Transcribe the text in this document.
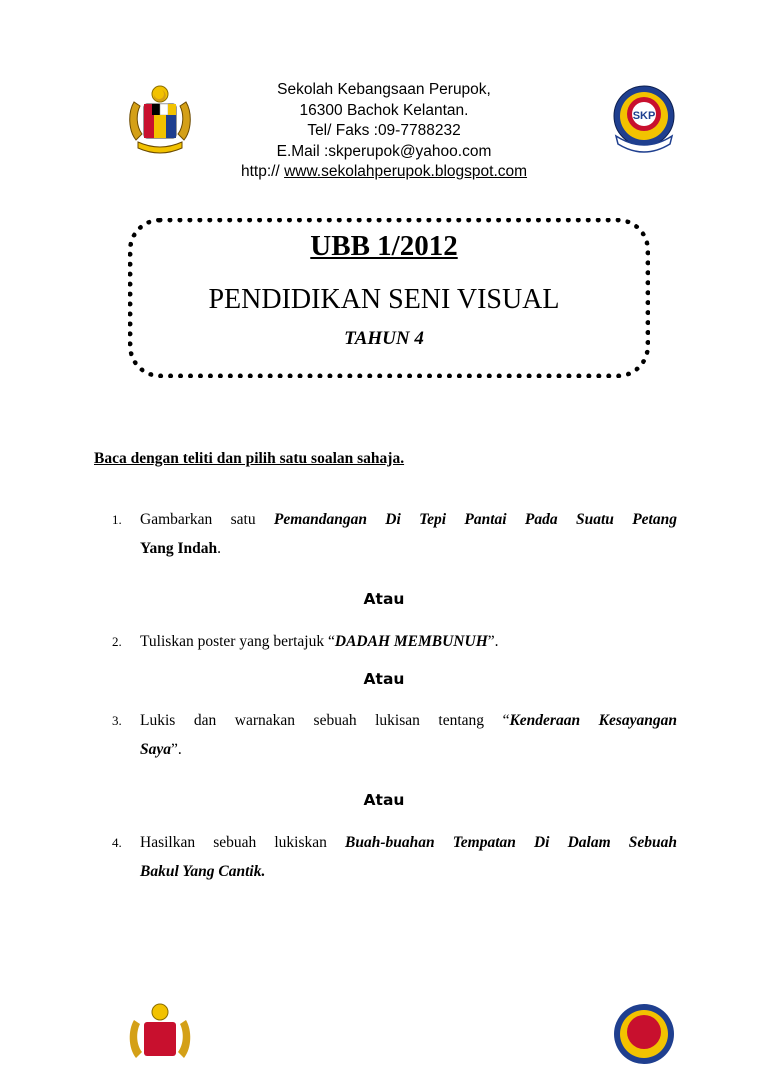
Sekolah Kebangsaan Perupok,
16300 Bachok Kelantan.
Tel/ Faks :09-7788232
E.Mail :skperupok@yahoo.com
http:// www.sekolahperupok.blogspot.com
SKP
UBB 1/2012
PENDIDIKAN SENI VISUAL
TAHUN 4
Baca dengan teliti dan pilih satu soalan sahaja.
1. Gambarkan satu Pemandangan Di Tepi Pantai Pada Suatu Petang
Yang Indah.
Atau
2. Tuliskan poster yang bertajuk “DADAH MEMBUNUH”.
Atau
3. Lukis dan warnakan sebuah lukisan tentang “Kenderaan Kesayangan
Saya”.
Atau
4. Hasilkan sebuah lukiskan Buah-buahan Tempatan Di Dalam Sebuah
Bakul Yang Cantik.
